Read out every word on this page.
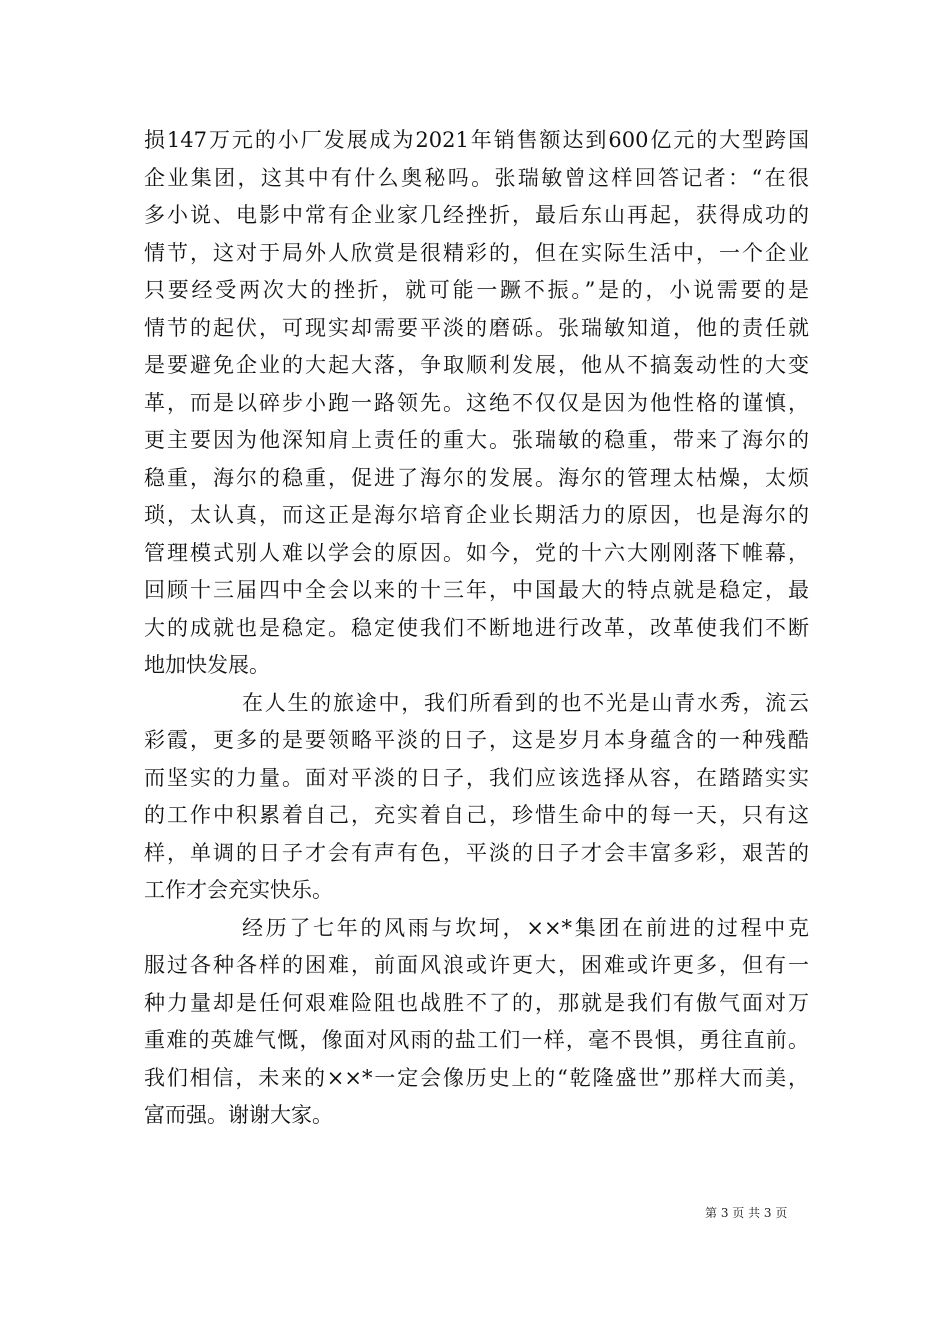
损147万元的小厂发展成为2021年销售额达到600亿元的大型跨国
企业集团，这其中有什么奥秘吗。张瑞敏曾这样回答记者：“在很
多小说、电影中常有企业家几经挫折，最后东山再起，获得成功的
情节，这对于局外人欣赏是很精彩的，但在实际生活中，一个企业
只要经受两次大的挫折，就可能一蹶不振。”是的，小说需要的是
情节的起伏，可现实却需要平淡的磨砾。张瑞敏知道，他的责任就
是要避免企业的大起大落，争取顺利发展，他从不搞轰动性的大变
革，而是以碎步小跑一路领先。这绝不仅仅是因为他性格的谨慎，
更主要因为他深知肩上责任的重大。张瑞敏的稳重，带来了海尔的
稳重，海尔的稳重，促进了海尔的发展。海尔的管理太枯燥，太烦
琐，太认真，而这正是海尔培育企业长期活力的原因，也是海尔的
管理模式别人难以学会的原因。如今，党的十六大刚刚落下帷幕，
回顾十三届四中全会以来的十三年，中国最大的特点就是稳定，最
大的成就也是稳定。稳定使我们不断地进行改革，改革使我们不断
地加快发展。
在人生的旅途中，我们所看到的也不光是山青水秀，流云
彩霞，更多的是要领略平淡的日子，这是岁月本身蕴含的一种残酷
而坚实的力量。面对平淡的日子，我们应该选择从容，在踏踏实实
的工作中积累着自己，充实着自己，珍惜生命中的每一天，只有这
样，单调的日子才会有声有色，平淡的日子才会丰富多彩，艰苦的
工作才会充实快乐。
经历了七年的风雨与坎坷，××*集团在前进的过程中克
服过各种各样的困难，前面风浪或许更大，困难或许更多，但有一
种力量却是任何艰难险阻也战胜不了的，那就是我们有傲气面对万
重难的英雄气慨，像面对风雨的盐工们一样，毫不畏惧，勇往直前。
我们相信，未来的××*一定会像历史上的“乾隆盛世”那样大而美，
富而强。谢谢大家。
第 3 页 共 3 页
